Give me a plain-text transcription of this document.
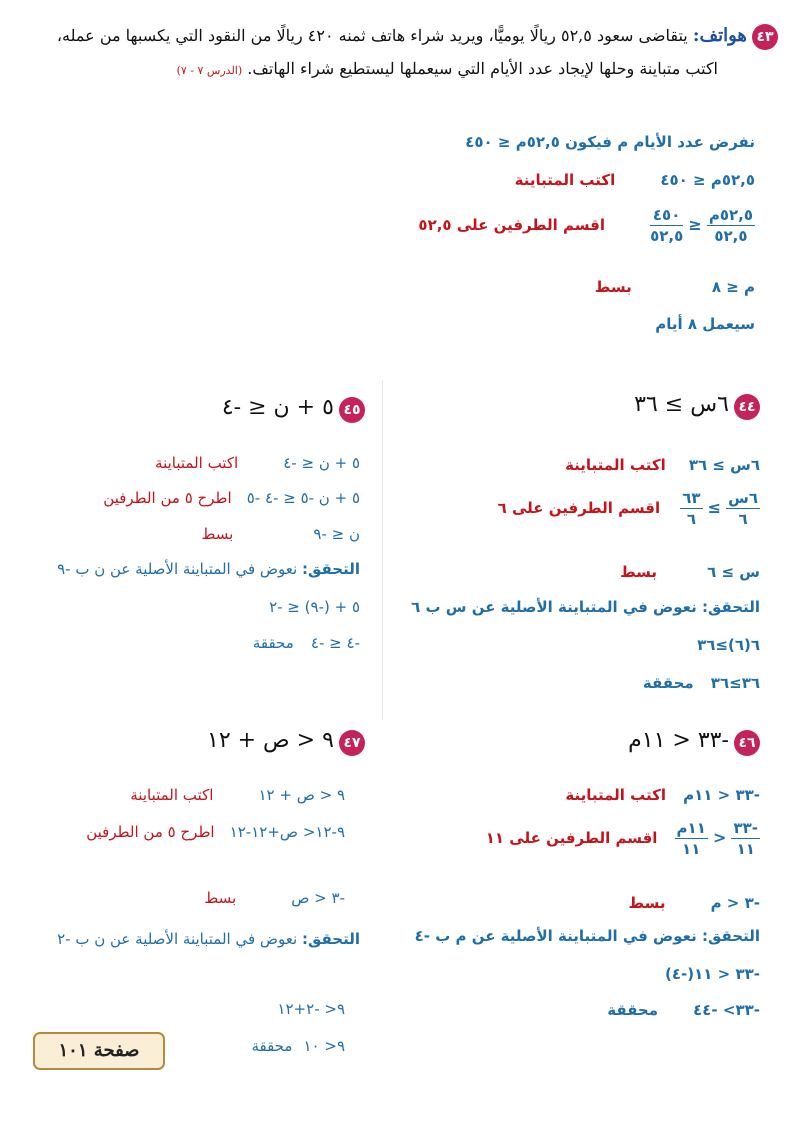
٤٣ هواتف: يتقاضى سعود ٥٢,٥ ريالًا يوميًّا، ويريد شراء هاتف ثمنه ٤٢٠ ريالًا من النقود التي يكسبها من عمله،
اكتب متباينة وحلها لإيجاد عدد الأيام التي سيعملها ليستطيع شراء الهاتف. (الدرس ٧ - ٧)
نفرض عدد الأيام م فيكون ٥٢,٥م ≤ ٤٥٠
٥٢,٥م ≤ ٤٥٠ اكتب المتباينة
٥٢,٥م
٥٢,٥
≤
٤٥٠
٥٢,٥
اقسم الطرفين على ٥٢,٥
م ≤ ٨ بسط
سيعمل ٨ أيام
٤٤ ٦س ≥ ٣٦
٦س ≥ ٣٦ اكتب المتباينة
٦س
٦
≥
٦٣
٦
اقسم الطرفين على ٦
س ≥ ٦ بسط
التحقق: نعوض في المتباينة الأصلية عن س ب ٦
٦(٦)≥٣٦
٣٦≥٣٦ محققة
٤٥ ٥ + ن ≤ -٤
٥ + ن ≤ -٤ اكتب المتباينة
٥ + ن -٥ ≤ -٤ -٥ اطرح ٥ من الطرفين
ن ≤ -٩ بسط
التحقق: نعوض في المتباينة الأصلية عن ن ب -٩
٥ + (-٩) ≤ -٢
-٤ ≤ -٤ محققة
٤٦ -٣٣ < ١١م
-٣٣ < ١١م اكتب المتباينة
-٣٣
١١
<
١١م
١١
اقسم الطرفين على ١١
-٣ < م بسط
التحقق: نعوض في المتباينة الأصلية عن م ب -٤
-٣٣ < ١١(-٤)
-٣٣> -٤٤ محققة
٤٧ ٩ < ص + ١٢
٩ < ص + ١٢ اكتب المتباينة
٩-١٢< ص+١٢-١٢ اطرح ٥ من الطرفين
-٣ < ص بسط
التحقق: نعوض في المتباينة الأصلية عن ن ب -٢
٩< -٢+١٢
٩< ١٠ محققة
صفحة ١٠١
